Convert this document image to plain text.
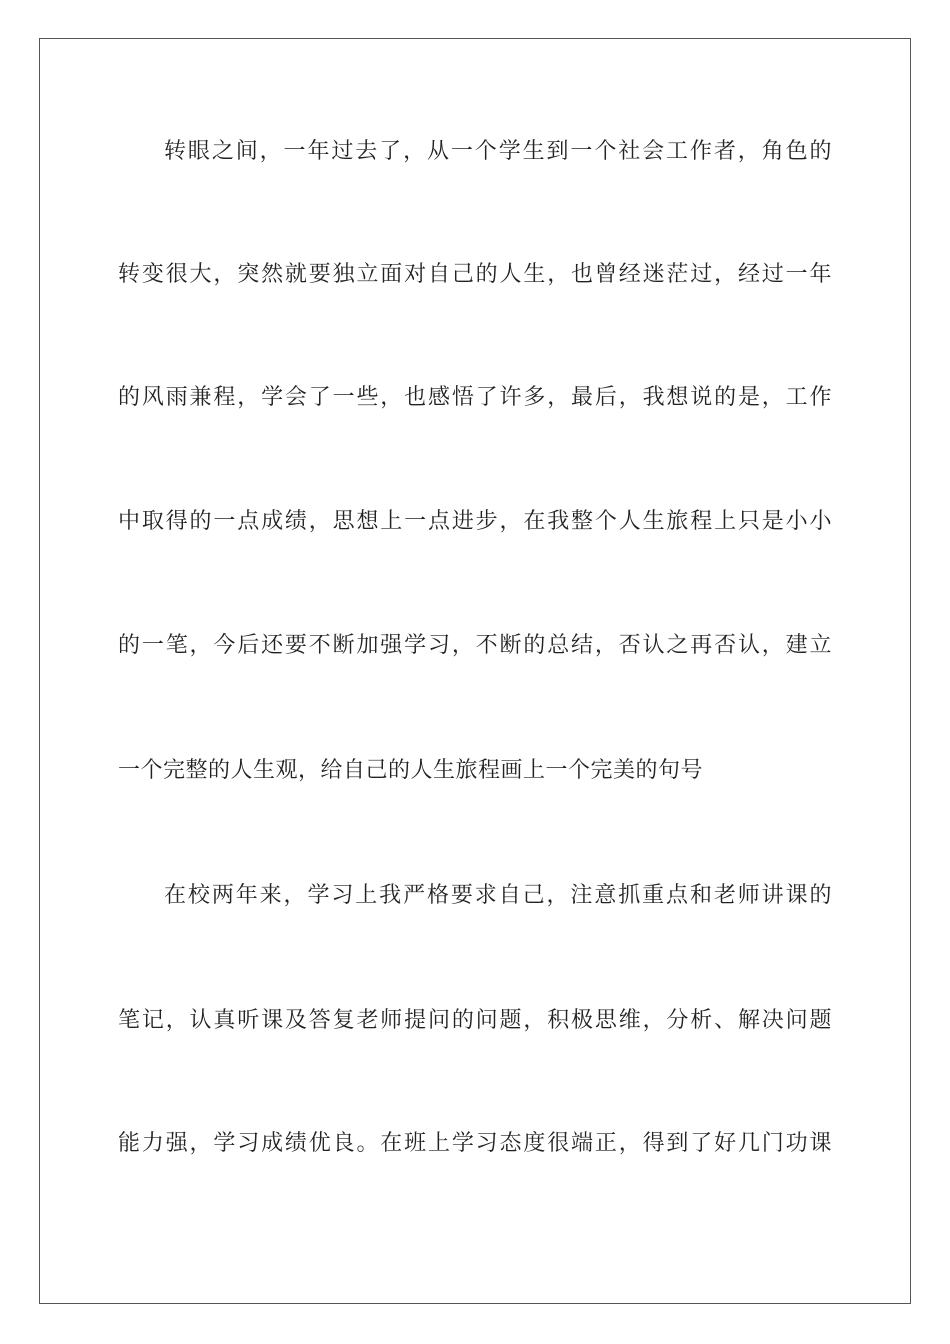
转眼之间，一年过去了，从一个学生到一个社会工作者，角色的

转变很大，突然就要独立面对自己的人生，也曾经迷茫过，经过一年

的风雨兼程，学会了一些，也感悟了许多，最后，我想说的是，工作

中取得的一点成绩，思想上一点进步，在我整个人生旅程上只是小小

的一笔，今后还要不断加强学习，不断的总结，否认之再否认，建立

一个完整的人生观，给自己的人生旅程画上一个完美的句号

在校两年来，学习上我严格要求自己，注意抓重点和老师讲课的

笔记，认真听课及答复老师提问的问题，积极思维，分析、解决问题

能力强，学习成绩优良。在班上学习态度很端正，得到了好几门功课
